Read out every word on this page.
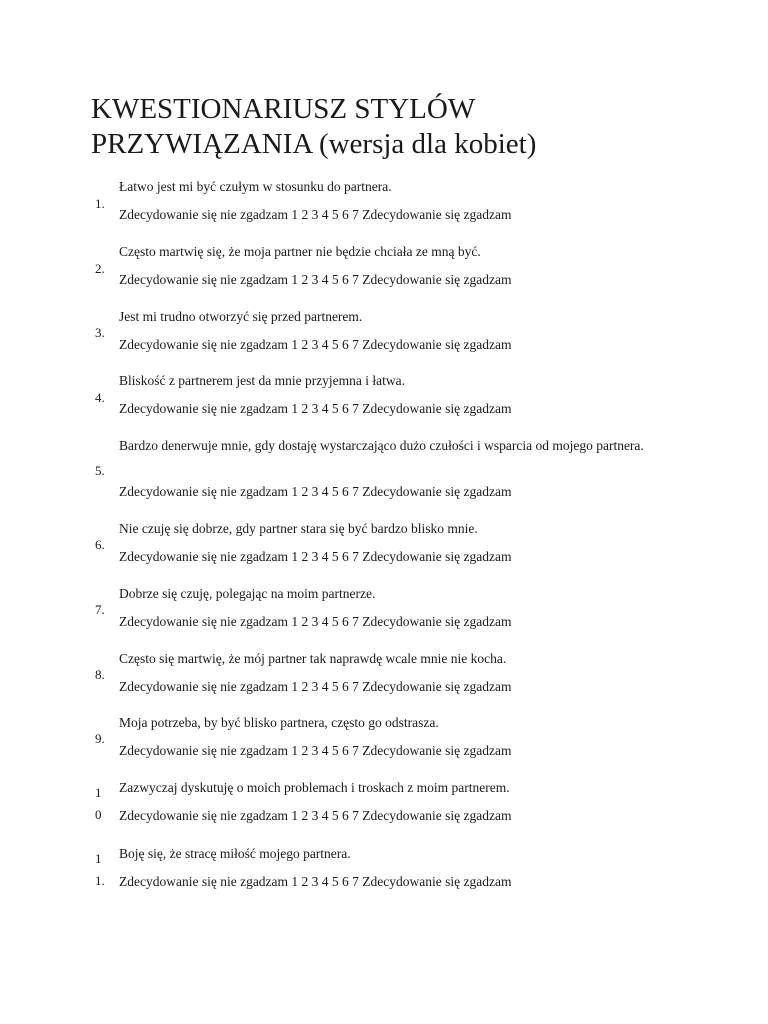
KWESTIONARIUSZ STYLÓW
PRZYWIĄZANIA (wersja dla kobiet)
1.
Łatwo jest mi być czułym w stosunku do partnera.
Zdecydowanie się nie zgadzam 1 2 3 4 5 6 7 Zdecydowanie się zgadzam
2.
Często martwię się, że moja partner nie będzie chciała ze mną być.
Zdecydowanie się nie zgadzam 1 2 3 4 5 6 7 Zdecydowanie się zgadzam
3.
Jest mi trudno otworzyć się przed partnerem.
Zdecydowanie się nie zgadzam 1 2 3 4 5 6 7 Zdecydowanie się zgadzam
4.
Bliskość z partnerem jest da mnie przyjemna i łatwa.
Zdecydowanie się nie zgadzam 1 2 3 4 5 6 7 Zdecydowanie się zgadzam
5.
Bardzo denerwuje mnie, gdy dostaję wystarczająco dużo czułości i wsparcia od mojego partnera.
Zdecydowanie się nie zgadzam 1 2 3 4 5 6 7 Zdecydowanie się zgadzam
6.
Nie czuję się dobrze, gdy partner stara się być bardzo blisko mnie.
Zdecydowanie się nie zgadzam 1 2 3 4 5 6 7 Zdecydowanie się zgadzam
7.
Dobrze się czuję, polegając na moim partnerze.
Zdecydowanie się nie zgadzam 1 2 3 4 5 6 7 Zdecydowanie się zgadzam
8.
Często się martwię, że mój partner tak naprawdę wcale mnie nie kocha.
Zdecydowanie się nie zgadzam 1 2 3 4 5 6 7 Zdecydowanie się zgadzam
9.
Moja potrzeba, by być blisko partnera, często go odstrasza.
Zdecydowanie się nie zgadzam 1 2 3 4 5 6 7 Zdecydowanie się zgadzam
1
0
Zazwyczaj dyskutuję o moich problemach i troskach z moim partnerem.
Zdecydowanie się nie zgadzam 1 2 3 4 5 6 7 Zdecydowanie się zgadzam
1
1.
Boję się, że stracę miłość mojego partnera.
Zdecydowanie się nie zgadzam 1 2 3 4 5 6 7 Zdecydowanie się zgadzam
